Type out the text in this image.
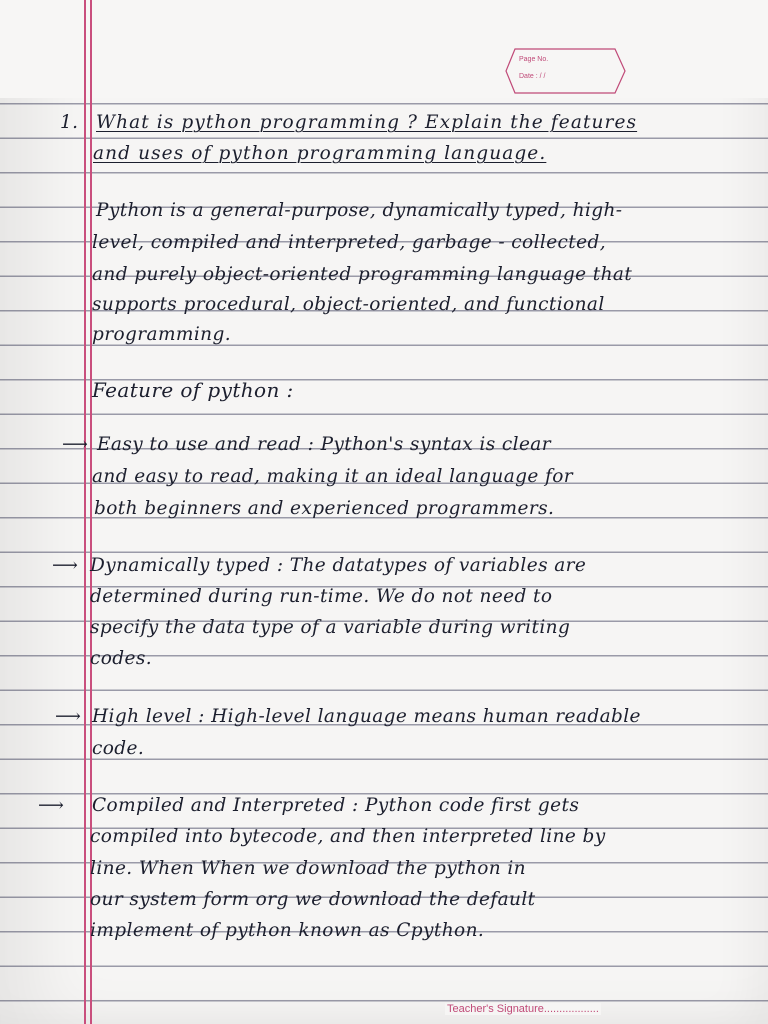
Page No.
Date : / /
1. What is python programming ? Explain the features
and uses of python programming language.
Python is a general-purpose, dynamically typed, high-
level, compiled and interpreted, garbage - collected,
and purely object-oriented programming language that
supports procedural, object-oriented, and functional
programming.
Feature of python :
⟶ Easy to use and read : Python's syntax is clear
and easy to read, making it an ideal language for
both beginners and experienced programmers.
⟶ Dynamically typed : The datatypes of variables are
determined during run-time. We do not need to
specify the data type of a variable during writing
codes.
⟶ High level : High-level language means human readable
code.
⟶ Compiled and Interpreted : Python code first gets
compiled into bytecode, and then interpreted line by
line. When When we download the python in
our system form org we download the default
implement of python known as Cpython.
Teacher's Signature..................
